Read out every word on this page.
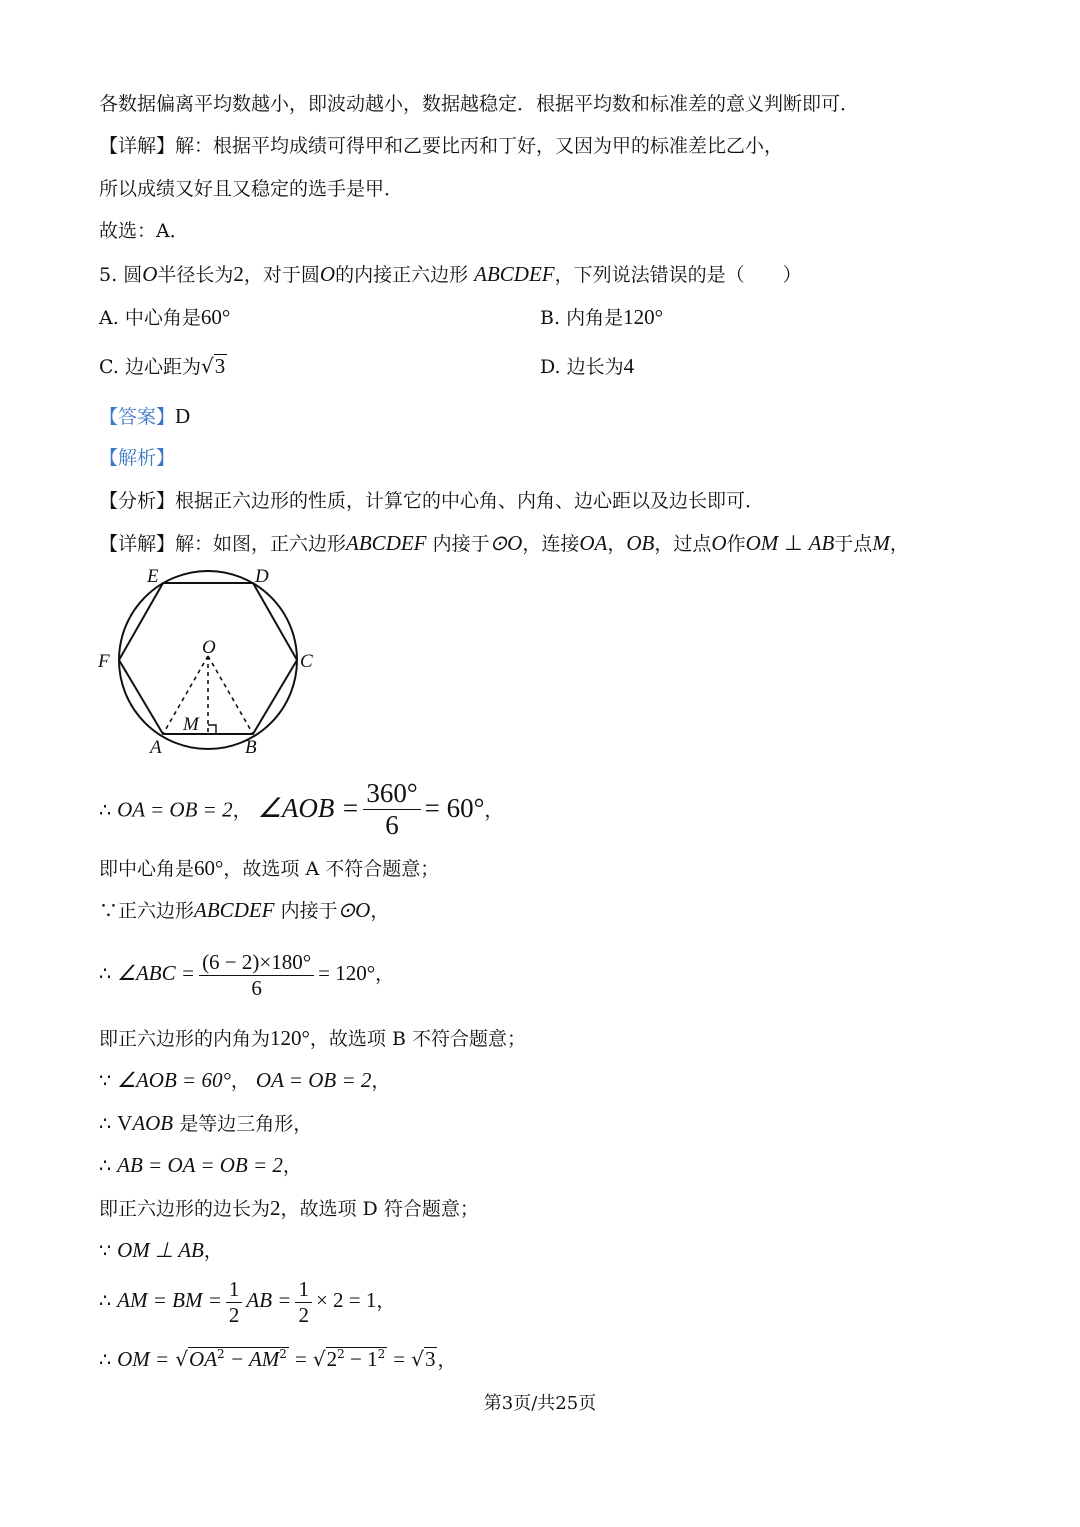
各数据偏离平均数越小，即波动越小，数据越稳定．根据平均数和标准差的意义判断即可．
【详解】解：根据平均成绩可得甲和乙要比丙和丁好，又因为甲的标准差比乙小，
所以成绩又好且又稳定的选手是甲．
故选：A．
5. 圆O半径长为2，对于圆O的内接正六边形 ABCDEF，下列说法错误的是（　　）
A. 中心角是60°	B. 内角是120°
C. 边心距为√3	D. 边长为4
【答案】D
【解析】
【分析】根据正六边形的性质，计算它的中心角、内角、边心距以及边长即可．
【详解】解：如图，正六边形ABCDEF 内接于⊙O，连接OA，OB，过点O作OM ⊥ AB于点M，
E	D
F	C
O
M
A	B
∴ OA = OB = 2， ∠AOB = $\frac{360^\circ}{6} = 60^\circ$，
即中心角是60°，故选项 A 不符合题意；
∵正六边形ABCDEF 内接于⊙O，
∴ ∠ABC = $\frac{(6 - 2)\times 180^\circ}{6} = 120^\circ$，
即正六边形的内角为120°，故选项 B 不符合题意；
∵ ∠AOB = 60°， OA = OB = 2，
∴ VAOB 是等边三角形，
∴ AB = OA = OB = 2，
即正六边形的边长为2，故选项 D 符合题意；
∵ OM ⊥ AB，
∴ AM = BM = $\frac{1}{2}$ AB = $\frac{1}{2} \times 2 = 1$，
∴ OM = $√OA^2 - AM^2 = √2^2 - 1^2 = √3$ ，
第3页/共25页
